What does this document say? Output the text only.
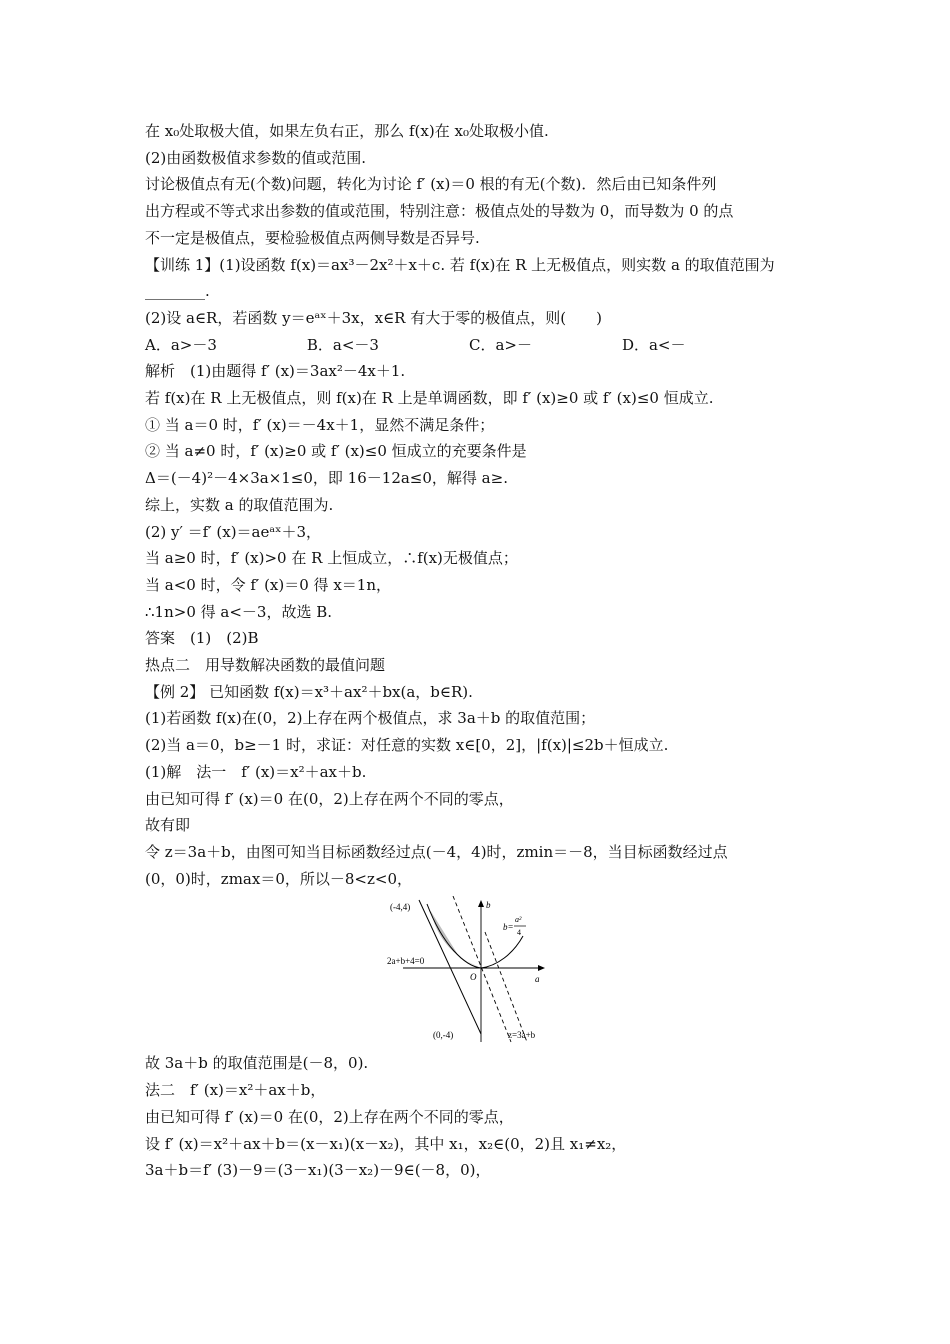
在 x₀处取极大值，如果左负右正，那么 f(x)在 x₀处取极小值.
(2)由函数极值求参数的值或范围.
讨论极值点有无(个数)问题，转化为讨论 f′ (x)＝0 根的有无(个数)．然后由已知条件列
出方程或不等式求出参数的值或范围，特别注意：极值点处的导数为 0，而导数为 0 的点
不一定是极值点，要检验极值点两侧导数是否异号.
【训练 1】(1)设函数 f(x)＝ax³－2x²＋x＋c. 若 f(x)在 R 上无极值点，则实数 a 的取值范围为
________.
(2)设 a∈R，若函数 y＝eᵃˣ＋3x，x∈R 有大于零的极值点，则(　　)
A．a>－3　　　　　　B．a<－3　　　　　　C．a>－　　　　　　D．a<－
解析　(1)由题得 f′ (x)＝3ax²－4x＋1.
若 f(x)在 R 上无极值点，则 f(x)在 R 上是单调函数，即 f′ (x)≥0 或 f′ (x)≤0 恒成立.
① 当 a＝0 时，f′ (x)＝－4x＋1，显然不满足条件；
② 当 a≠0 时，f′ (x)≥0 或 f′ (x)≤0 恒成立的充要条件是
Δ＝(－4)²－4×3a×1≤0，即 16－12a≤0，解得 a≥.
综上，实数 a 的取值范围为.
(2) y′ ＝f′ (x)＝aeᵃˣ＋3，
当 a≥0 时，f′ (x)>0 在 R 上恒成立，∴f(x)无极值点；
当 a<0 时，令 f′ (x)＝0 得 x＝1n，
∴1n>0 得 a<－3，故选 B.
答案　(1)　(2)B
热点二　用导数解决函数的最值问题
【例 2】 已知函数 f(x)＝x³＋ax²＋bx(a，b∈R).
(1)若函数 f(x)在(0，2)上存在两个极值点，求 3a＋b 的取值范围；
(2)当 a＝0，b≥－1 时，求证：对任意的实数 x∈[0，2]，|f(x)|≤2b＋恒成立.
(1)解　法一　f′ (x)＝x²＋ax＋b.
由已知可得 f′ (x)＝0 在(0，2)上存在两个不同的零点，
故有即
令 z＝3a＋b，由图可知当目标函数经过点(－4，4)时，zmin＝－8，当目标函数经过点
(0，0)时，zmax＝0，所以－8<z<0，
(-4,4)
2a+b+4=0
O
(0,-4)	z=3a+b
a
b
b=
a²
4
故 3a＋b 的取值范围是(－8，0).
法二　f′ (x)＝x²＋ax＋b，
由已知可得 f′ (x)＝0 在(0，2)上存在两个不同的零点，
设 f′ (x)＝x²＋ax＋b＝(x－x₁)(x－x₂)，其中 x₁，x₂∈(0，2)且 x₁≠x₂，
3a＋b＝f′ (3)－9＝(3－x₁)(3－x₂)－9∈(－8，0)，
